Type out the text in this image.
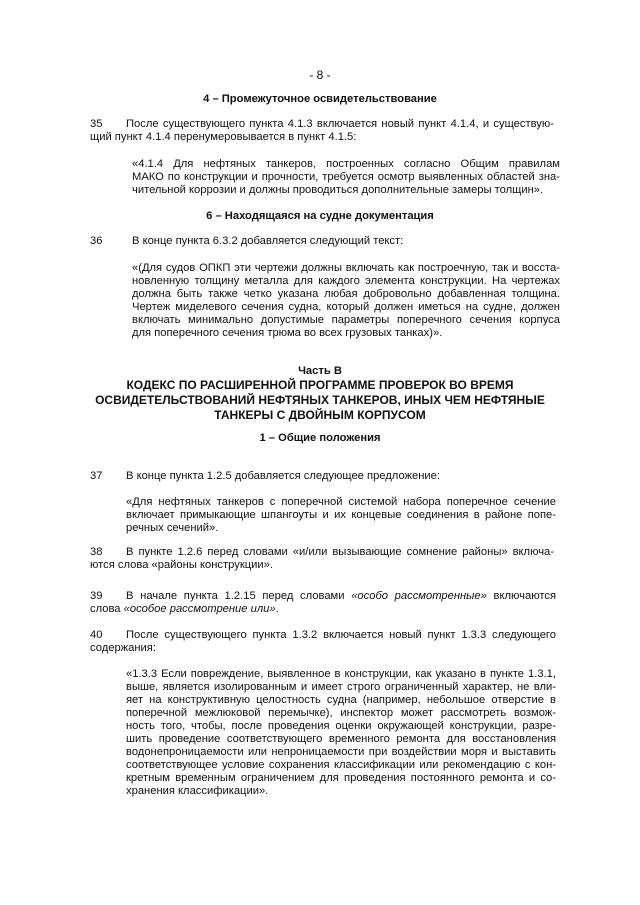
- 8 -
4 – Промежуточное освидетельствование
35 После существующего пункта 4.1.3 включается новый пункт 4.1.4, и существую-
щий пункт 4.1.4 перенумеровывается в пункт 4.1.5:
«4.1.4 Для нефтяных танкеров, построенных согласно Общим правилам
МАКО по конструкции и прочности, требуется осмотр выявленных областей зна-
чительной коррозии и должны проводиться дополнительные замеры толщин».
6 – Находящаяся на судне документация
36	В конце пункта 6.3.2 добавляется следующий текст:
«(Для судов ОПКП эти чертежи должны включать как построечную, так и восста-
новленную толщину металла для каждого элемента конструкции. На чертежах
должна быть также четко указана любая добровольно добавленная толщина.
Чертеж миделевого сечения судна, который должен иметься на судне, должен
включать минимально допустимые параметры поперечного сечения корпуса
для поперечного сечения трюма во всех грузовых танках)».
Часть B
КОДЕКС ПО РАСШИРЕННОЙ ПРОГРАММЕ ПРОВЕРОК ВО ВРЕМЯ
ОСВИДЕТЕЛЬСТВОВАНИЙ НЕФТЯНЫХ ТАНКЕРОВ, ИНЫХ ЧЕМ НЕФТЯНЫЕ
ТАНКЕРЫ С ДВОЙНЫМ КОРПУСОМ
1 – Общие положения
37 В конце пункта 1.2.5 добавляется следующее предложение:
«Для нефтяных танкеров с поперечной системой набора поперечное сечение
включает примыкающие шпангоуты и их концевые соединения в районе попе-
речных сечений».
38 В пункте 1.2.6 перед словами «и/или вызывающие сомнение районы» включа-
ются слова «районы конструкции».
39 В начале пункта 1.2.15 перед словами «особо рассмотренные» включаются
слова «особое рассмотрение или».
40 После существующего пункта 1.3.2 включается новый пункт 1.3.3 следующего
содержания:
«1.3.3 Если повреждение, выявленное в конструкции, как указано в пункте 1.3.1,
выше, является изолированным и имеет строго ограниченный характер, не вли-
яет на конструктивную целостность судна (например, небольшое отверстие в
поперечной межлюковой перемычке), инспектор может рассмотреть возмож-
ность того, чтобы, после проведения оценки окружающей конструкции, разре-
шить проведение соответствующего временного ремонта для восстановления
водонепроницаемости или непроницаемости при воздействии моря и выставить
соответствующее условие сохранения классификации или рекомендацию с кон-
кретным временным ограничением для проведения постоянного ремонта и со-
хранения классификации».
